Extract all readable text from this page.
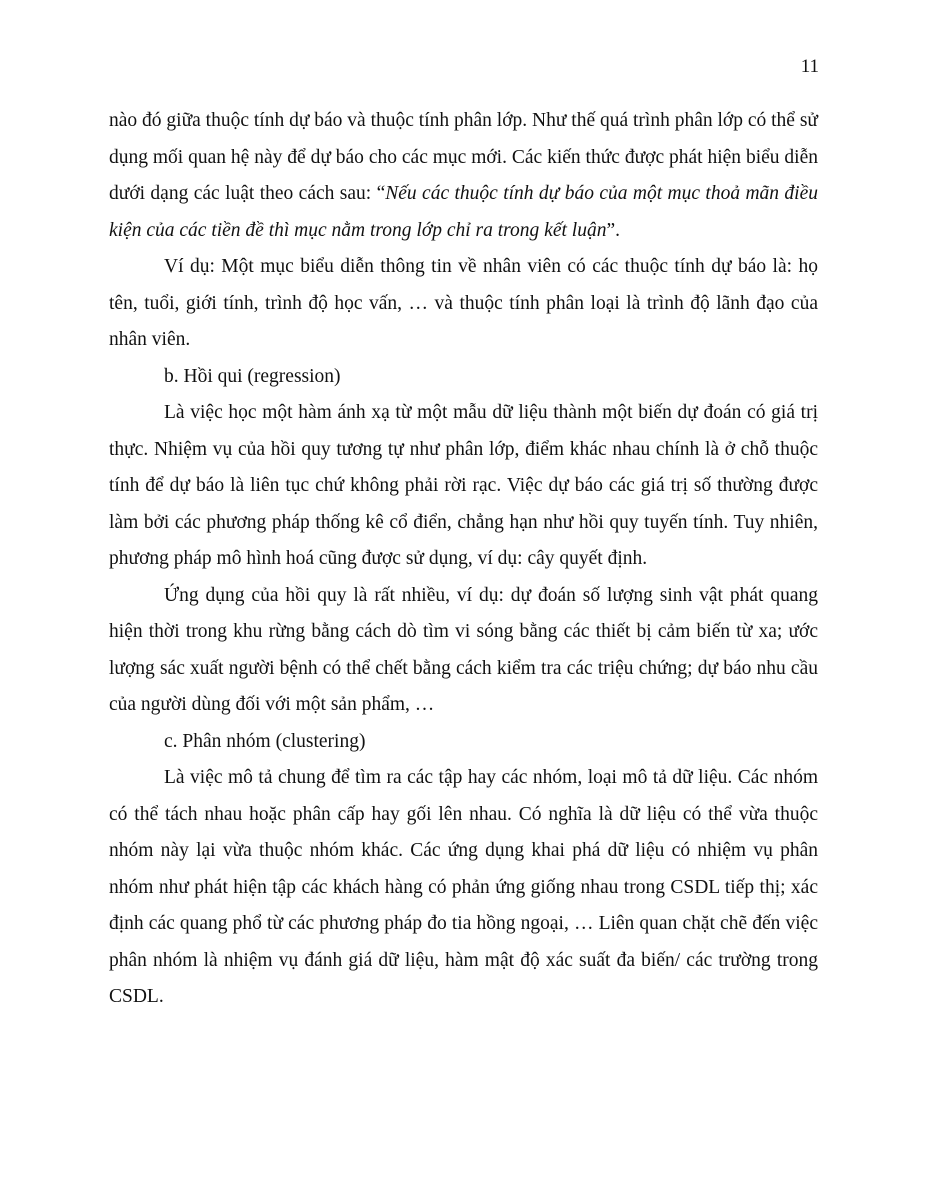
11

nào đó giữa thuộc tính dự báo và thuộc tính phân lớp. Như thế quá trình phân lớp có thể sử dụng mối quan hệ này để dự báo cho các mục mới. Các kiến thức được phát hiện biểu diễn dưới dạng các luật theo cách sau: “Nếu các thuộc tính dự báo của một mục thoả mãn điều kiện của các tiền đề thì mục nằm trong lớp chỉ ra trong kết luận”.

Ví dụ: Một mục biểu diễn thông tin về nhân viên có các thuộc tính dự báo là: họ tên, tuổi, giới tính, trình độ học vấn, … và thuộc tính phân loại là trình độ lãnh đạo của nhân viên.

b. Hồi qui (regression)

Là việc học một hàm ánh xạ từ một mẫu dữ liệu thành một biến dự đoán có giá trị thực. Nhiệm vụ của hồi quy tương tự như phân lớp, điểm khác nhau chính là ở chỗ thuộc tính để dự báo là liên tục chứ không phải rời rạc. Việc dự báo các giá trị số thường được làm bởi các phương pháp thống kê cổ điển, chẳng hạn như hồi quy tuyến tính. Tuy nhiên, phương pháp mô hình hoá cũng được sử dụng, ví dụ: cây quyết định.

Ứng dụng của hồi quy là rất nhiều, ví dụ: dự đoán số lượng sinh vật phát quang hiện thời trong khu rừng bằng cách dò tìm vi sóng bằng các thiết bị cảm biến từ xa; ước lượng sác xuất người bệnh có thể chết bằng cách kiểm tra các triệu chứng; dự báo nhu cầu của người dùng đối với một sản phẩm, …

c. Phân nhóm (clustering)

Là việc mô tả chung để tìm ra các tập hay các nhóm, loại mô tả dữ liệu. Các nhóm có thể tách nhau hoặc phân cấp hay gối lên nhau. Có nghĩa là dữ liệu có thể vừa thuộc nhóm này lại vừa thuộc nhóm khác. Các ứng dụng khai phá dữ liệu có nhiệm vụ phân nhóm như phát hiện tập các khách hàng có phản ứng giống nhau trong CSDL tiếp thị; xác định các quang phổ từ các phương pháp đo tia hồng ngoại, … Liên quan chặt chẽ đến việc phân nhóm là nhiệm vụ đánh giá dữ liệu, hàm mật độ xác suất đa biến/ các trường trong CSDL.
